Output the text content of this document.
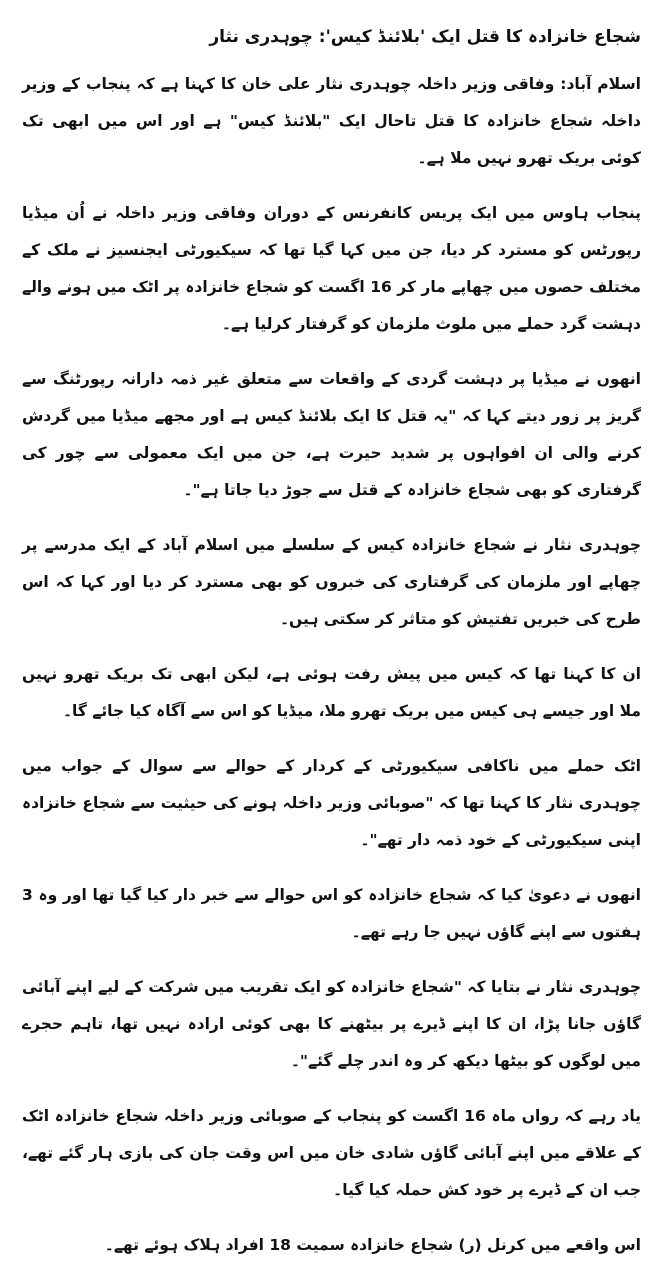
شجاع خانزادہ کا قتل ایک 'بلائنڈ کیس': چوہدری نثار

اسلام آباد: وفاقی وزیر داخلہ چوہدری نثار علی خان کا کہنا ہے کہ پنجاب کے وزیر داخلہ شجاع خانزادہ کا قتل تاحال ایک "بلائنڈ کیس" ہے اور اس میں ابھی تک کوئی بریک تھرو نہیں ملا ہے۔

پنجاب ہاوس میں ایک پریس کانفرنس کے دوران وفاقی وزیر داخلہ نے اُن میڈیا رپورٹس کو مسترد کر دیا، جن میں کہا گیا تھا کہ سیکیورٹی ایجنسیز نے ملک کے مختلف حصوں میں چھاپے مار کر 16 اگست کو شجاع خانزادہ پر اٹک میں ہونے والے دہشت گرد حملے میں ملوث ملزمان کو گرفتار کرلیا ہے۔

انھوں نے میڈیا پر دہشت گردی کے واقعات سے متعلق غیر ذمہ دارانہ رپورٹنگ سے گریز پر زور دیتے کہا کہ "یہ قتل کا ایک بلائنڈ کیس ہے اور مجھے میڈیا میں گردش کرنے والی ان افواہوں پر شدید حیرت ہے، جن میں ایک معمولی سے چور کی گرفتاری کو بھی شجاع خانزادہ کے قتل سے جوڑ دیا جاتا ہے"۔

چوہدری نثار نے شجاع خانزادہ کیس کے سلسلے میں اسلام آباد کے ایک مدرسے پر چھاپے اور ملزمان کی گرفتاری کی خبروں کو بھی مسترد کر دیا اور کہا کہ اس طرح کی خبریں تفتیش کو متاثر کر سکتی ہیں۔

ان کا کہنا تھا کہ کیس میں پیش رفت ہوئی ہے، لیکن ابھی تک بریک تھرو نہیں ملا اور جیسے ہی کیس میں بریک تھرو ملا، میڈیا کو اس سے آگاہ کیا جائے گا۔

اٹک حملے میں ناکافی سیکیورٹی کے کردار کے حوالے سے سوال کے جواب میں چوہدری نثار کا کہنا تھا کہ "صوبائی وزیر داخلہ ہونے کی حیثیت سے شجاع خانزادہ اپنی سیکیورٹی کے خود ذمہ دار تھے"۔

انھوں نے دعویٰ کیا کہ شجاع خانزادہ کو اس حوالے سے خبر دار کیا گیا تھا اور وہ 3 ہفتوں سے اپنے گاؤں نہیں جا رہے تھے۔

چوہدری نثار نے بتایا کہ "شجاع خانزادہ کو ایک تقریب میں شرکت کے لیے اپنے آبائی گاؤں جانا پڑا، ان کا اپنے ڈیرے پر بیٹھنے کا بھی کوئی ارادہ نہیں تھا، تاہم حجرے میں لوگوں کو بیٹھا دیکھ کر وہ اندر چلے گئے"۔

یاد رہے کہ رواں ماہ 16 اگست کو پنجاب کے صوبائی وزیر داخلہ شجاع خانزادہ اٹک کے علاقے میں اپنے آبائی گاؤں شادی خان میں اس وقت جان کی بازی ہار گئے تھے، جب ان کے ڈیرے پر خود کش حملہ کیا گیا۔

اس واقعے میں کرنل (ر) شجاع خانزادہ سمیت 18 افراد ہلاک ہوئے تھے۔
